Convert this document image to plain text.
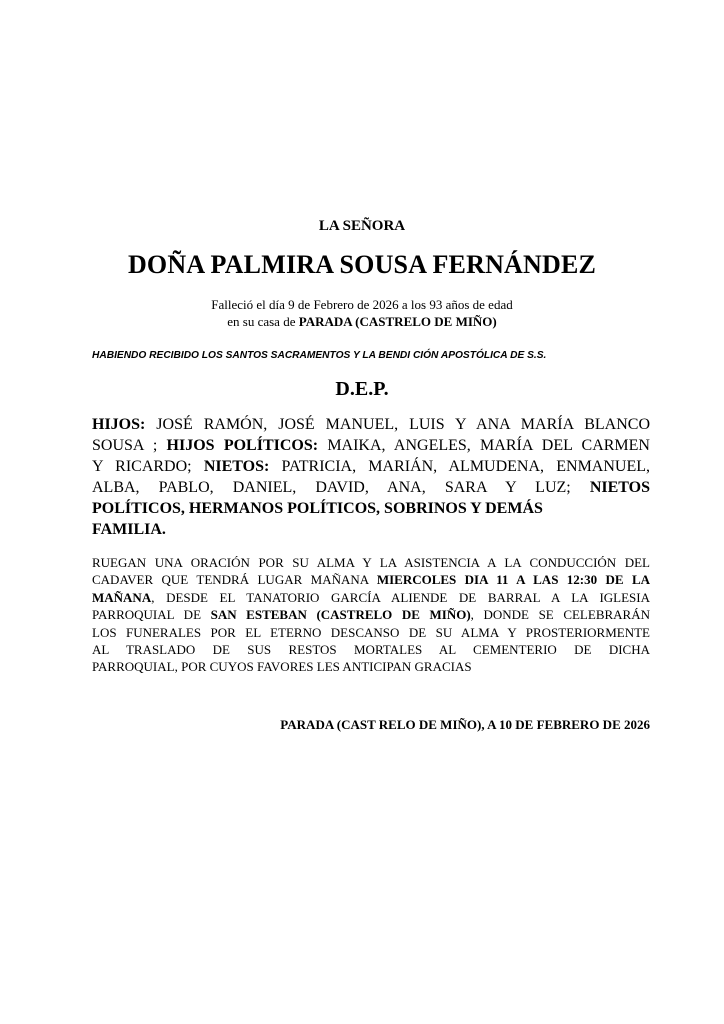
LA SEÑORA
DOÑA PALMIRA SOUSA FERNÁNDEZ
Falleció el día 9 de Febrero de 2026 a los 93 años de edad
en su casa de PARADA (CASTRELO DE MIÑO)
HABIENDO RECIBIDO LOS SANTOS SACRAMENTOS Y LA BENDI CIÓN APOSTÓLICA DE S.S.
D.E.P.
HIJOS: JOSÉ RAMÓN, JOSÉ MANUEL, LUIS Y ANA MARÍA BLANCO
SOUSA ; HIJOS POLÍTICOS: MAIKA, ANGELES, MARÍA DEL CARMEN
Y RICARDO; NIETOS: PATRICIA, MARIÁN, ALMUDENA, ENMANUEL,
ALBA, PABLO, DANIEL, DAVID, ANA, SARA Y LUZ; NIETOS
POLÍTICOS, HERMANOS POLÍTICOS, SOBRINOS Y DEMÁS
FAMILIA.
RUEGAN UNA ORACIÓN POR SU ALMA Y LA ASISTENCIA A LA CONDUCCIÓN DEL
CADAVER QUE TENDRÁ LUGAR MAÑANA MIERCOLES DIA 11 A LAS 12:30 DE LA
MAÑANA, DESDE EL TANATORIO GARCÍA ALIENDE DE BARRAL A LA IGLESIA
PARROQUIAL DE SAN ESTEBAN (CASTRELO DE MIÑO), DONDE SE CELEBRARÁN
LOS FUNERALES POR EL ETERNO DESCANSO DE SU ALMA Y PROSTERIORMENTE
AL TRASLADO DE SUS RESTOS MORTALES AL CEMENTERIO DE DICHA
PARROQUIAL, POR CUYOS FAVORES LES ANTICIPAN GRACIAS
PARADA (CAST RELO DE MIÑO), A 10 DE FEBRERO DE 2026
